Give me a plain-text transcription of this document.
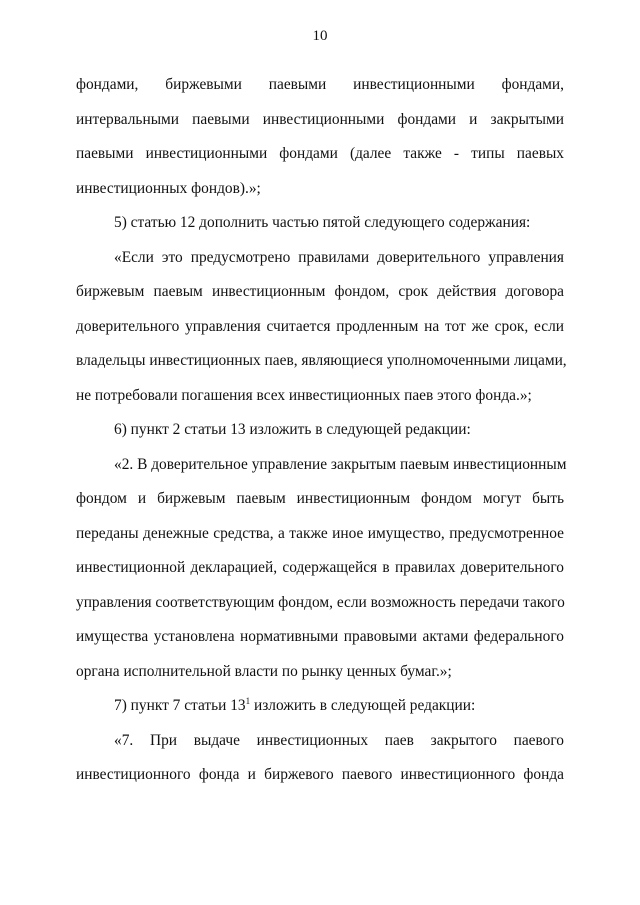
10
фондами, биржевыми паевыми инвестиционными фондами,
интервальными паевыми инвестиционными фондами и закрытыми
паевыми инвестиционными фондами (далее также - типы паевых
инвестиционных фондов).»;
5) статью 12 дополнить частью пятой следующего содержания:
«Если это предусмотрено правилами доверительного управления
биржевым паевым инвестиционным фондом, срок действия договора
доверительного управления считается продленным на тот же срок, если
владельцы инвестиционных паев, являющиеся уполномоченными лицами,
не потребовали погашения всех инвестиционных паев этого фонда.»;
6) пункт 2 статьи 13 изложить в следующей редакции:
«2. В доверительное управление закрытым паевым инвестиционным
фондом и биржевым паевым инвестиционным фондом могут быть
переданы денежные средства, а также иное имущество, предусмотренное
инвестиционной декларацией, содержащейся в правилах доверительного
управления соответствующим фондом, если возможность передачи такого
имущества установлена нормативными правовыми актами федерального
органа исполнительной власти по рынку ценных бумаг.»;
7) пункт 7 статьи $13^1$ изложить в следующей редакции:
«7. При выдаче инвестиционных паев закрытого паевого
инвестиционного фонда и биржевого паевого инвестиционного фонда
